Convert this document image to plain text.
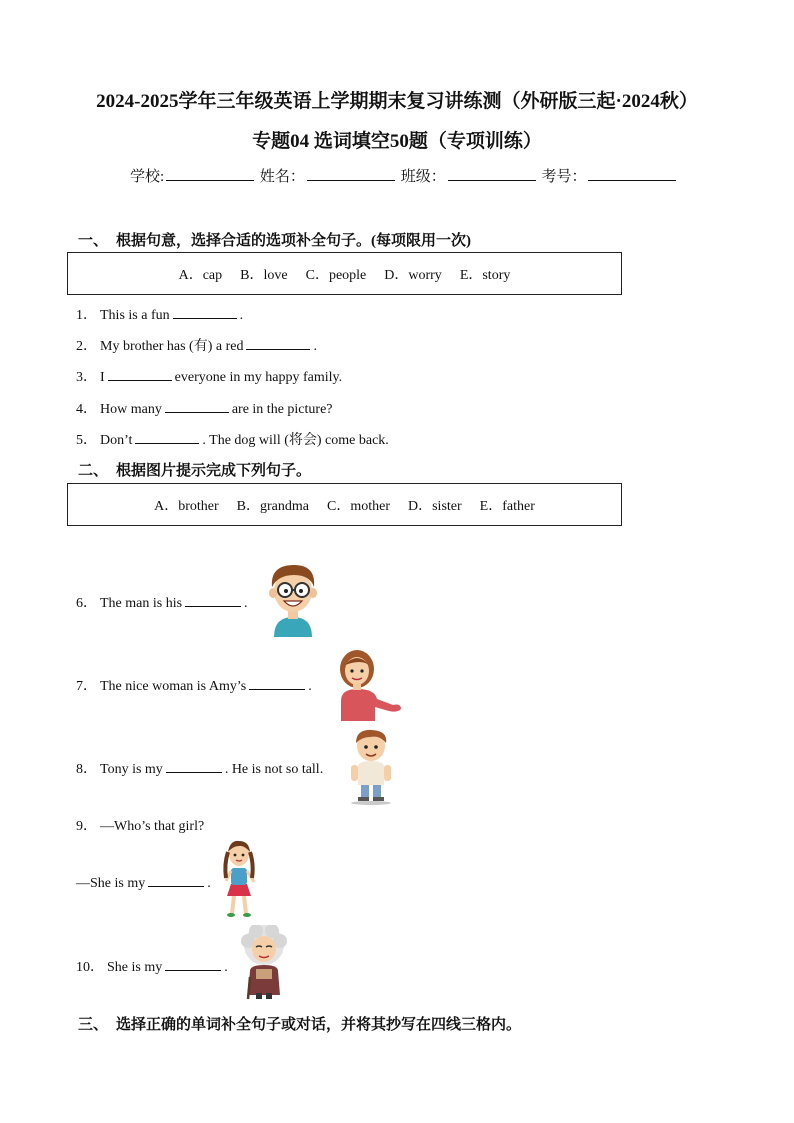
2024-2025学年三年级英语上学期期末复习讲练测（外研版三起·2024秋）
专题04 选词填空50题（专项训练）
学校:	姓名：	班级：	考号：
一、 根据句意，选择合适的选项补全句子。(每项限用一次)
A．cap B．love C．people D．worry E．story
1． This is a fun	.
2． My brother has (有) a red	.
3． I	everyone in my happy family.
4． How many	are in the picture?
5． Don’t	. The dog will (将会) come back.
二、 根据图片提示完成下列句子。
A．brother B．grandma C．mother D．sister E．father
6． The man is his	.
7． The nice woman is Amy’s	.
8． Tony is my	. He is not so tall.
9． —Who’s that girl?
—She is my	.
10． She is my	.
三、 选择正确的单词补全句子或对话，并将其抄写在四线三格内。
